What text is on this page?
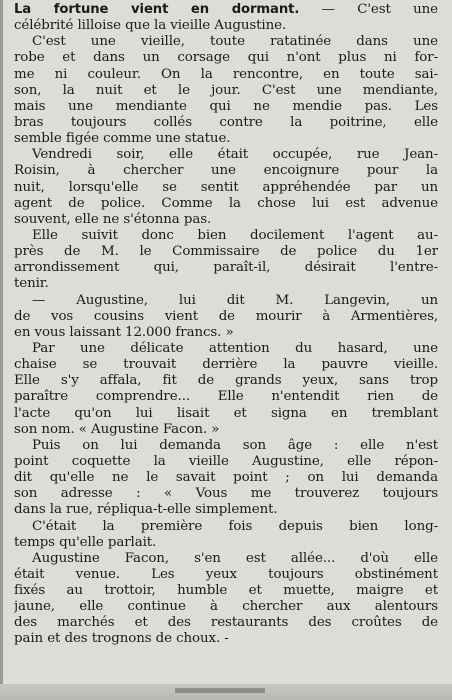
La fortune vient en dormant. — C'est une
célébrité lilloise que la vieille Augustine.
C'est une vieille, toute ratatinée dans une
robe et dans un corsage qui n'ont plus ni for-
me ni couleur. On la rencontre, en toute sai-
son, la nuit et le jour. C'est une mendiante,
mais une mendiante qui ne mendie pas. Les
bras toujours collés contre la poitrine, elle
semble figée comme une statue.
Vendredi soir, elle était occupée, rue Jean-
Roisin, à chercher une encoignure pour la
nuit, lorsqu'elle se sentit appréhendée par un
agent de police. Comme la chose lui est advenue
souvent, elle ne s'étonna pas.
Elle suivit donc bien docilement l'agent au-
près de M. le Commissaire de police du 1er
arrondissement qui, paraît-il, désirait l'entre-
tenir.
— Augustine, lui dit M. Langevin, un
de vos cousins vient de mourir à Armentières,
en vous laissant 12.000 francs. »
Par une délicate attention du hasard, une
chaise se trouvait derrière la pauvre vieille.
Elle s'y affala, fit de grands yeux, sans trop
paraître comprendre... Elle n'entendit rien de
l'acte qu'on lui lisait et signa en tremblant
son nom. « Augustine Facon. »
Puis on lui demanda son âge : elle n'est
point coquette la vieille Augustine, elle répon-
dit qu'elle ne le savait point ; on lui demanda
son adresse : « Vous me trouverez toujours
dans la rue, répliqua-t-elle simplement.
C'était la première fois depuis bien long-
temps qu'elle parlait.
Augustine Facon, s'en est allée... d'où elle
était venue. Les yeux toujours obstinément
fixés au trottoir, humble et muette, maigre et
jaune, elle continue à chercher aux alentours
des marchés et des restaurants des croûtes de
pain et des trognons de choux. -
